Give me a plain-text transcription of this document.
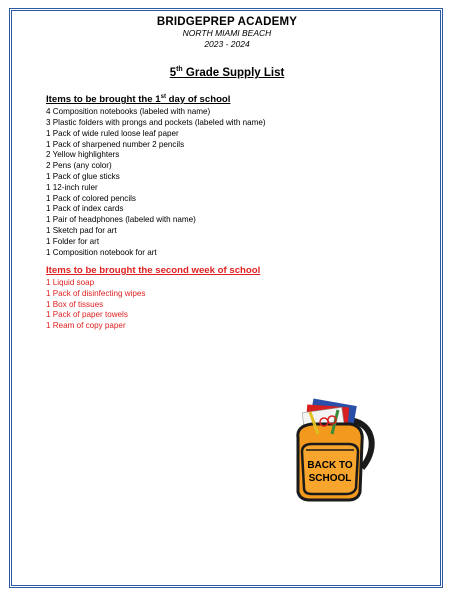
BRIDGEPREP ACADEMY
NORTH MIAMI BEACH
2023 - 2024
5th Grade Supply List
Items to be brought the 1st day of school
4 Composition notebooks (labeled with name)
3 Plastic folders with prongs and pockets (labeled with name)
1 Pack of wide ruled loose leaf paper
1 Pack of sharpened number 2 pencils
2 Yellow highlighters
2 Pens (any color)
1 Pack of glue sticks
1 12-inch ruler
1 Pack of colored pencils
1 Pack of index cards
1 Pair of headphones (labeled with name)
1 Sketch pad for art
1 Folder for art
1 Composition notebook for art
Items to be brought the second week of school
1 Liquid soap
1 Pack of disinfecting wipes
1 Box of tissues
1 Pack of paper towels
1 Ream of copy paper
BACK TO
SCHOOL
